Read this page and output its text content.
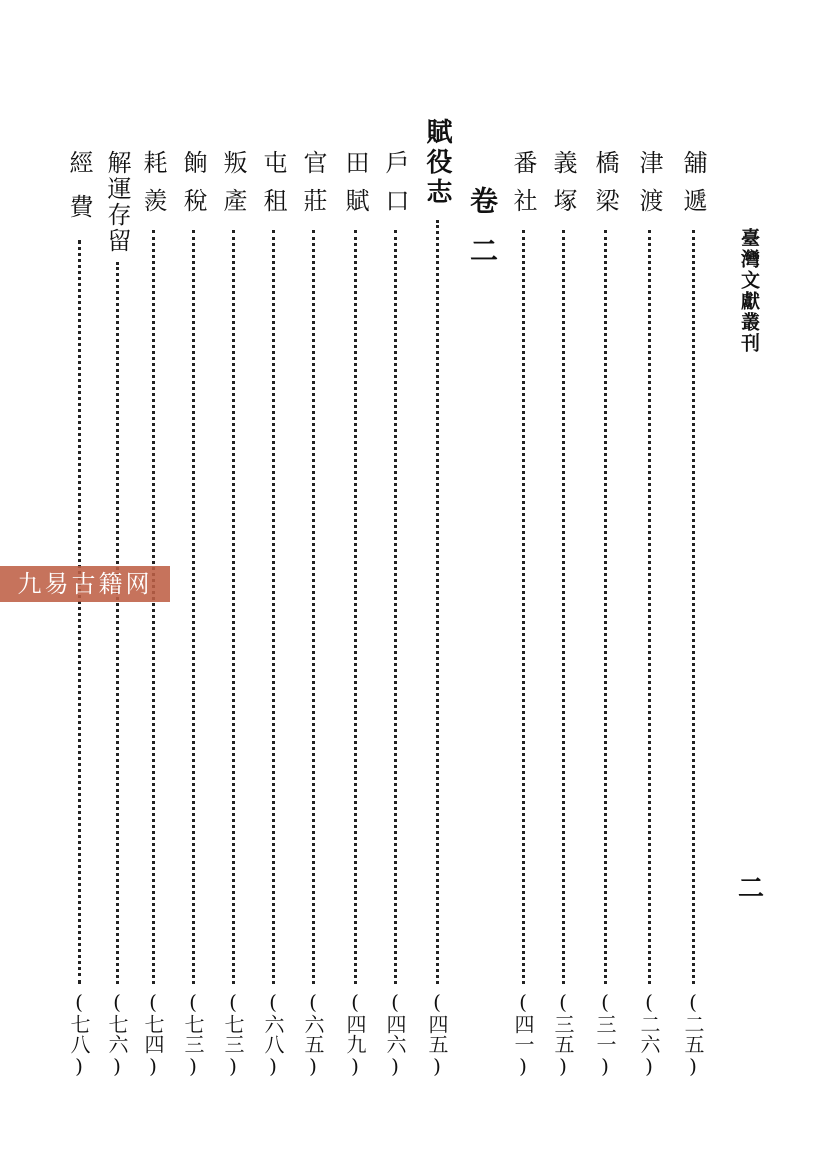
臺灣文獻叢刊
二
舖遞
(二五)
津渡
(二六)
橋梁
(三一)
義塚
(三五)
番社
(四一)
卷二
賦役志
(四五)
戶口
(四六)
田賦
(四九)
官莊
(六五)
屯租
(六八)
叛產
(七三)
餉稅
(七三)
耗羨
(七四)
解運存留
(七六)
經費
(七八)
九易古籍网
